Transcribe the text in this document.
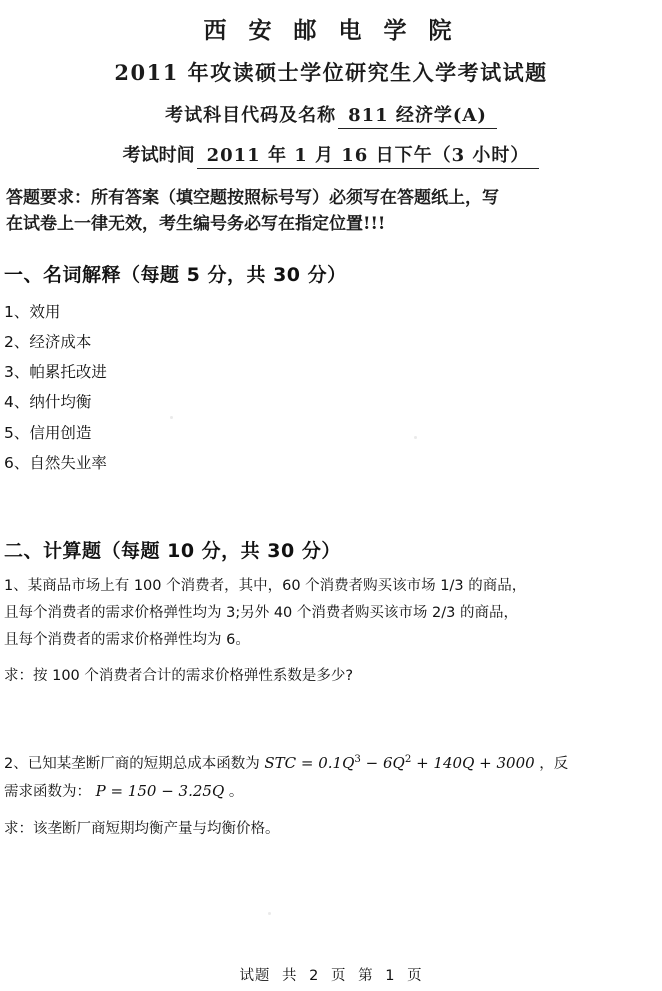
西 安 邮 电 学 院
2011 年攻读硕士学位研究生入学考试试题
考试科目代码及名称 811 经济学(A)
考试时间 2011 年 1 月 16 日下午（3 小时）
答题要求：所有答案（填空题按照标号写）必须写在答题纸上，写
在试卷上一律无效，考生编号务必写在指定位置!!!
一、名词解释（每题 5 分，共 30 分）
1、效用
2、经济成本
3、帕累托改进
4、纳什均衡
5、信用创造
6、自然失业率
二、计算题（每题 10 分，共 30 分）
1、某商品市场上有 100 个消费者，其中，60 个消费者购买该市场 1/3 的商品，
且每个消费者的需求价格弹性均为 3;另外 40 个消费者购买该市场 2/3 的商品，
且每个消费者的需求价格弹性均为 6。
求：按 100 个消费者合计的需求价格弹性系数是多少?
2、已知某垄断厂商的短期总成本函数为 STC = $0.1Q^3 - 6Q^2 + 140Q + 3000$ ，反
需求函数为： P = 150 − 3.25Q 。
求：该垄断厂商短期均衡产量与均衡价格。
试题 共 2 页 第 1 页
